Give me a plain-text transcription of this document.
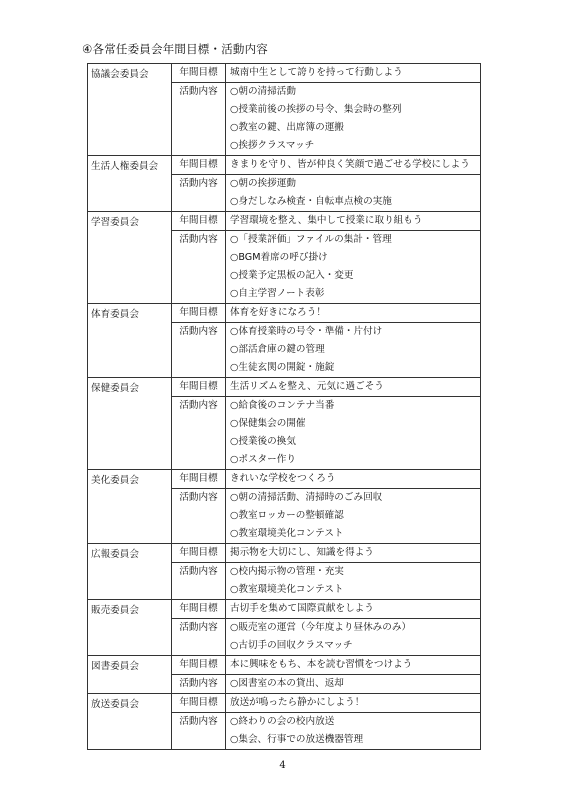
④各常任委員会年間目標・活動内容
協議会委員会	年間目標	城南中生として誇りを持って行動しよう
	活動内容	○朝の清掃活動
○授業前後の挨拶の号令、集会時の整列
○教室の鍵、出席簿の運搬
○挨拶クラスマッチ

生活人権委員会	年間目標	きまりを守り、皆が仲良く笑顔で過ごせる学校にしよう
	活動内容	○朝の挨拶運動
○身だしなみ検査・自転車点検の実施

学習委員会	年間目標	学習環境を整え、集中して授業に取り組もう
	活動内容	○「授業評価」ファイルの集計・管理
○BGM着席の呼び掛け
○授業予定黒板の記入・変更
○自主学習ノート表彰

体育委員会	年間目標	体育を好きになろう！
	活動内容	○体育授業時の号令・準備・片付け
○部活倉庫の鍵の管理
○生徒玄関の開錠・施錠

保健委員会	年間目標	生活リズムを整え、元気に過ごそう
	活動内容	○給食後のコンテナ当番
○保健集会の開催
○授業後の換気
○ポスター作り

美化委員会	年間目標	きれいな学校をつくろう
	活動内容	○朝の清掃活動、清掃時のごみ回収
○教室ロッカーの整頓確認
○教室環境美化コンテスト

広報委員会	年間目標	掲示物を大切にし、知識を得よう
	活動内容	○校内掲示物の管理・充実
○教室環境美化コンテスト

販売委員会	年間目標	古切手を集めて国際貢献をしよう
	活動内容	○販売室の運営（今年度より昼休みのみ）
○古切手の回収クラスマッチ

図書委員会	年間目標	本に興味をもち、本を読む習慣をつけよう
	活動内容	○図書室の本の貸出、返却

放送委員会	年間目標	放送が鳴ったら静かにしよう！
	活動内容	○終わりの会の校内放送
○集会、行事での放送機器管理
4
